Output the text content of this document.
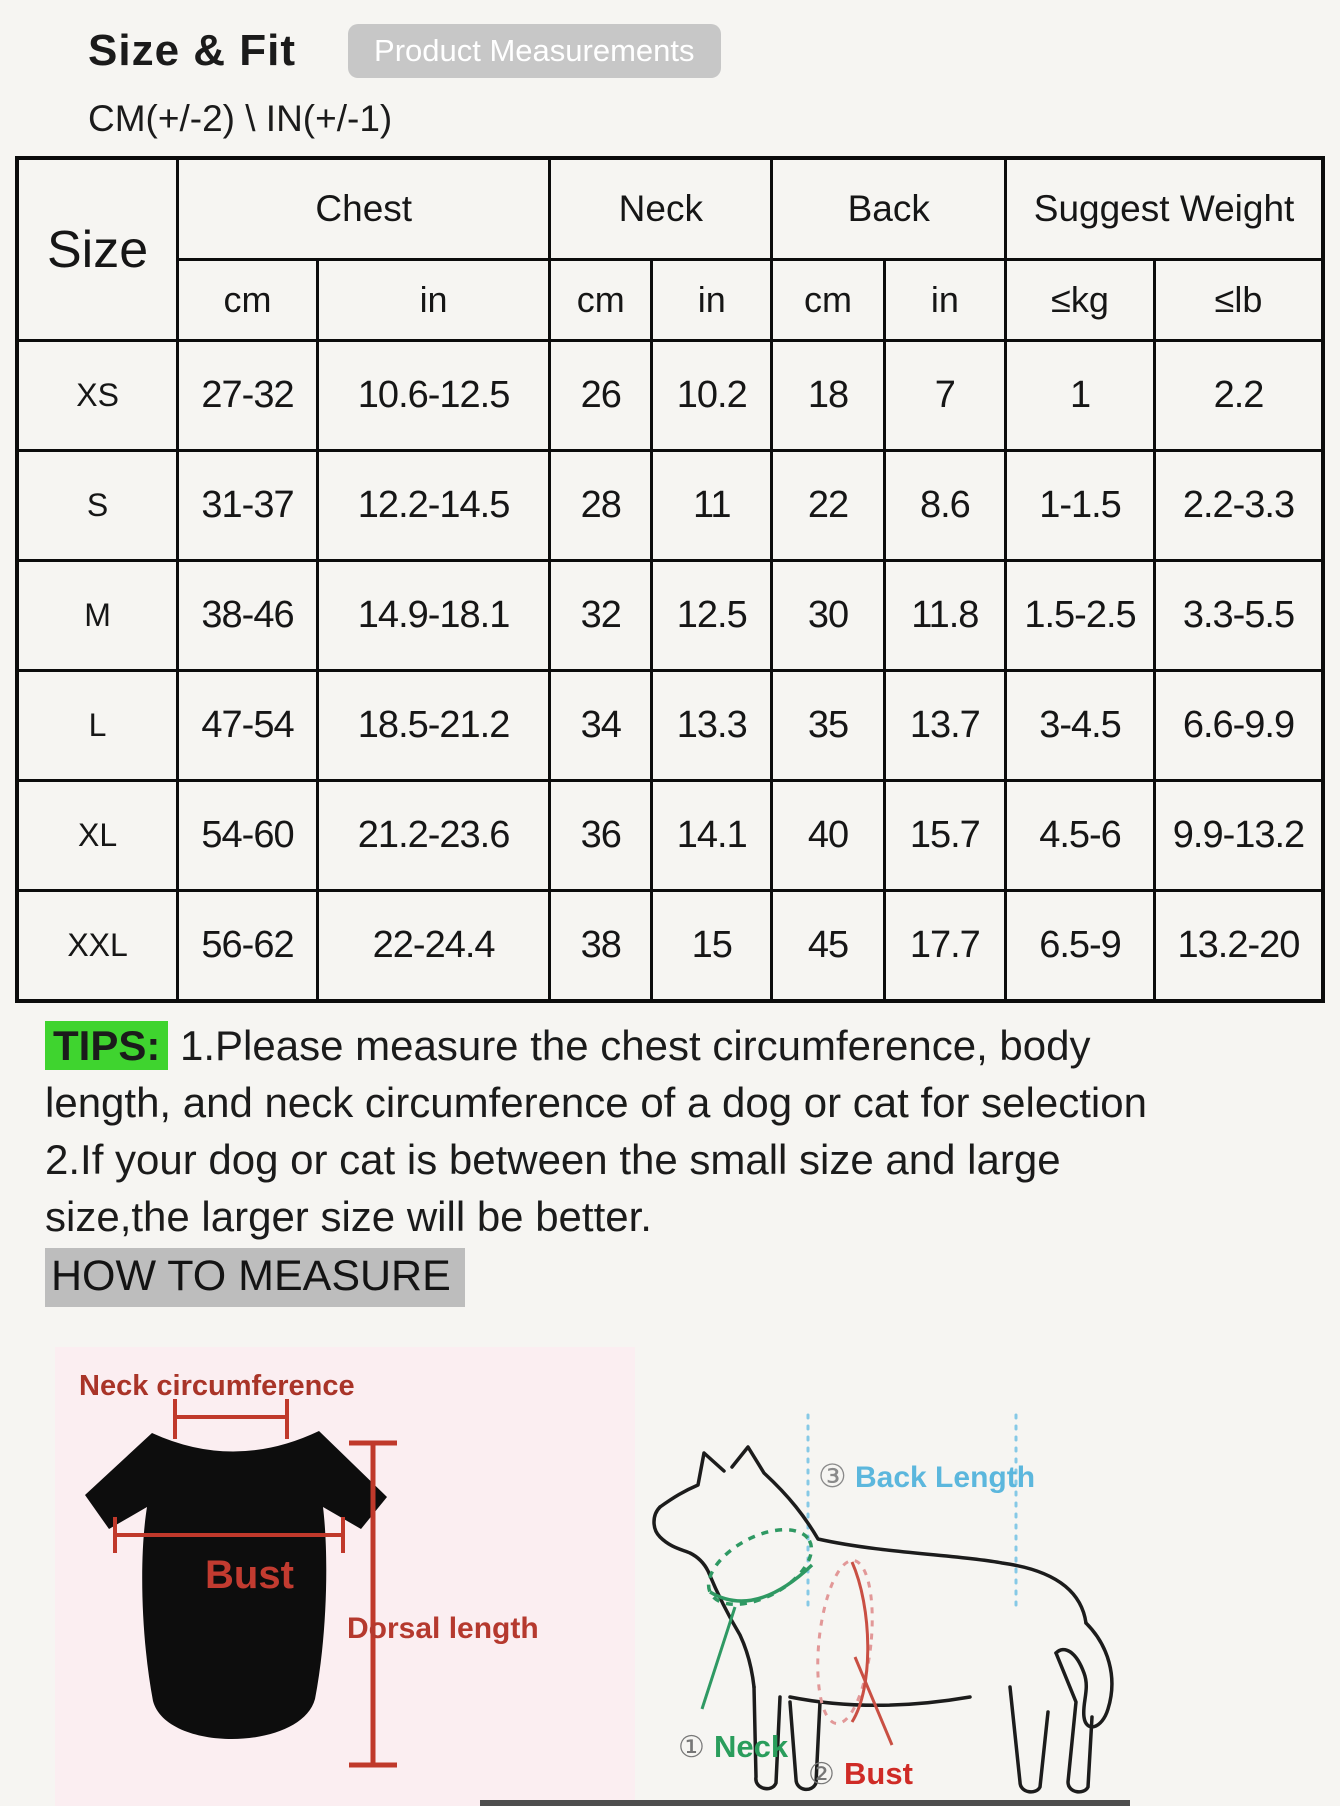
Size & Fit	Product Measurements
CM(+/-2) \ IN(+/-1)
Size	Chest		Neck		Back		Suggest Weight	
	cm	in	cm	in	cm	in	≤kg	≤lb
XS	27-32	10.6-12.5	26	10.2	18	7	1	2.2
S	31-37	12.2-14.5	28	11	22	8.6	1-1.5	2.2-3.3
M	38-46	14.9-18.1	32	12.5	30	11.8	1.5-2.5	3.3-5.5
L	47-54	18.5-21.2	34	13.3	35	13.7	3-4.5	6.6-9.9
XL	54-60	21.2-23.6	36	14.1	40	15.7	4.5-6	9.9-13.2
XXL	56-62	22-24.4	38	15	45	17.7	6.5-9	13.2-20
TIPS: 1.Please measure the chest circumference, body
length, and neck circumference of a dog or cat for selection
2.If your dog or cat is between the small size and large
size,the larger size will be better.
HOW TO MEASURE
Neck circumference
Bust
Dorsal length
③ Back Length
① Neck
② Bust
